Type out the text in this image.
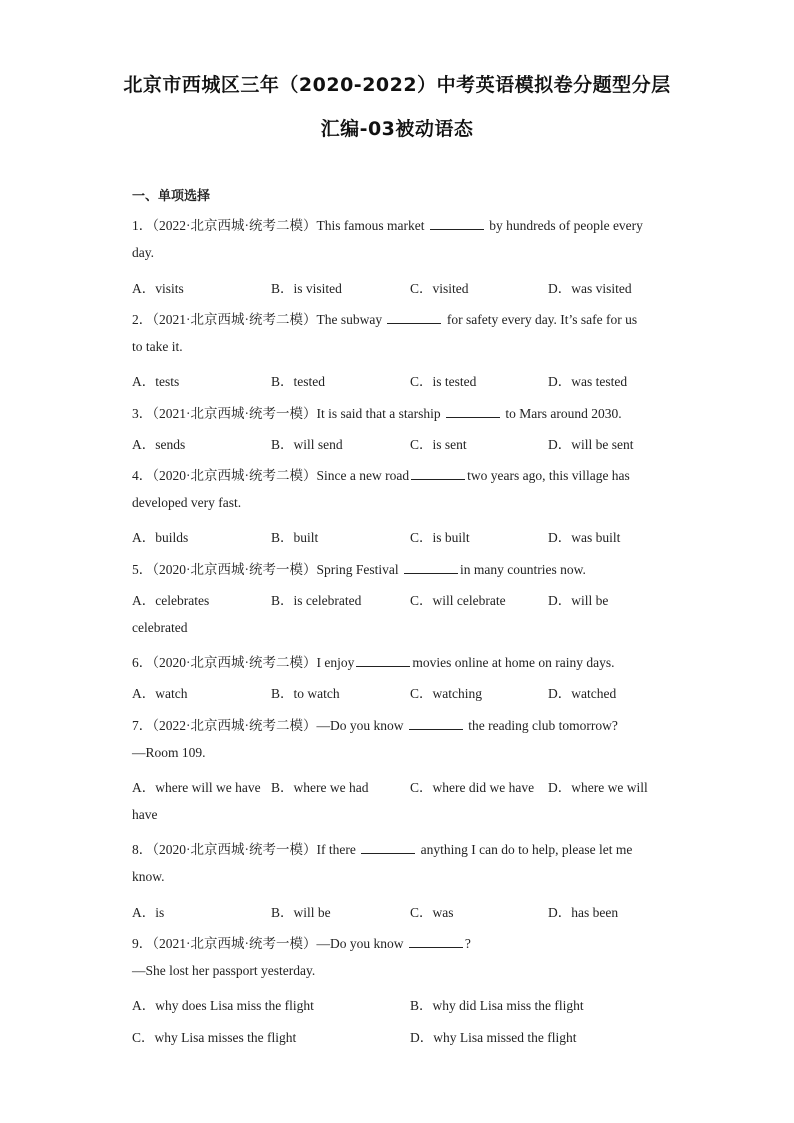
北京市西城区三年（2020-2022）中考英语模拟卷分题型分层
汇编-03被动语态
一、单项选择
1．（2022·北京西城·统考二模）This famous market	by hundreds of people every
day.
A．visits	B．is visited	C．visited	D．was visited
2．（2021·北京西城·统考二模）The subway	for safety every day. It’s safe for us
to take it.
A．tests	B．tested	C．is tested	D．was tested
3．（2021·北京西城·统考一模）It is said that a starship	to Mars around 2030.
A．sends	B．will send	C．is sent	D．will be sent
4．（2020·北京西城·统考二模）Since a new road	two years ago, this village has
developed very fast.
A．builds	B．built	C．is built	D．was built
5．（2020·北京西城·统考一模）Spring Festival	in many countries now.
A．celebrates	B．is celebrated	C．will celebrate	D．will be
celebrated
6．（2020·北京西城·统考二模）I enjoy	movies online at home on rainy days.
A．watch	B．to watch	C．watching	D．watched
7．（2022·北京西城·统考二模）—Do you know	the reading club tomorrow?
—Room 109.
A．where will we have B．where we had	C．where did we have D．where we will
have
8．（2020·北京西城·统考一模）If there	anything I can do to help, please let me
know.
A．is	B．will be	C．was	D．has been
9．（2021·北京西城·统考一模）—Do you know	?
—She lost her passport yesterday.
A．why does Lisa miss the flight	B．why did Lisa miss the flight
C．why Lisa misses the flight	D．why Lisa missed the flight
